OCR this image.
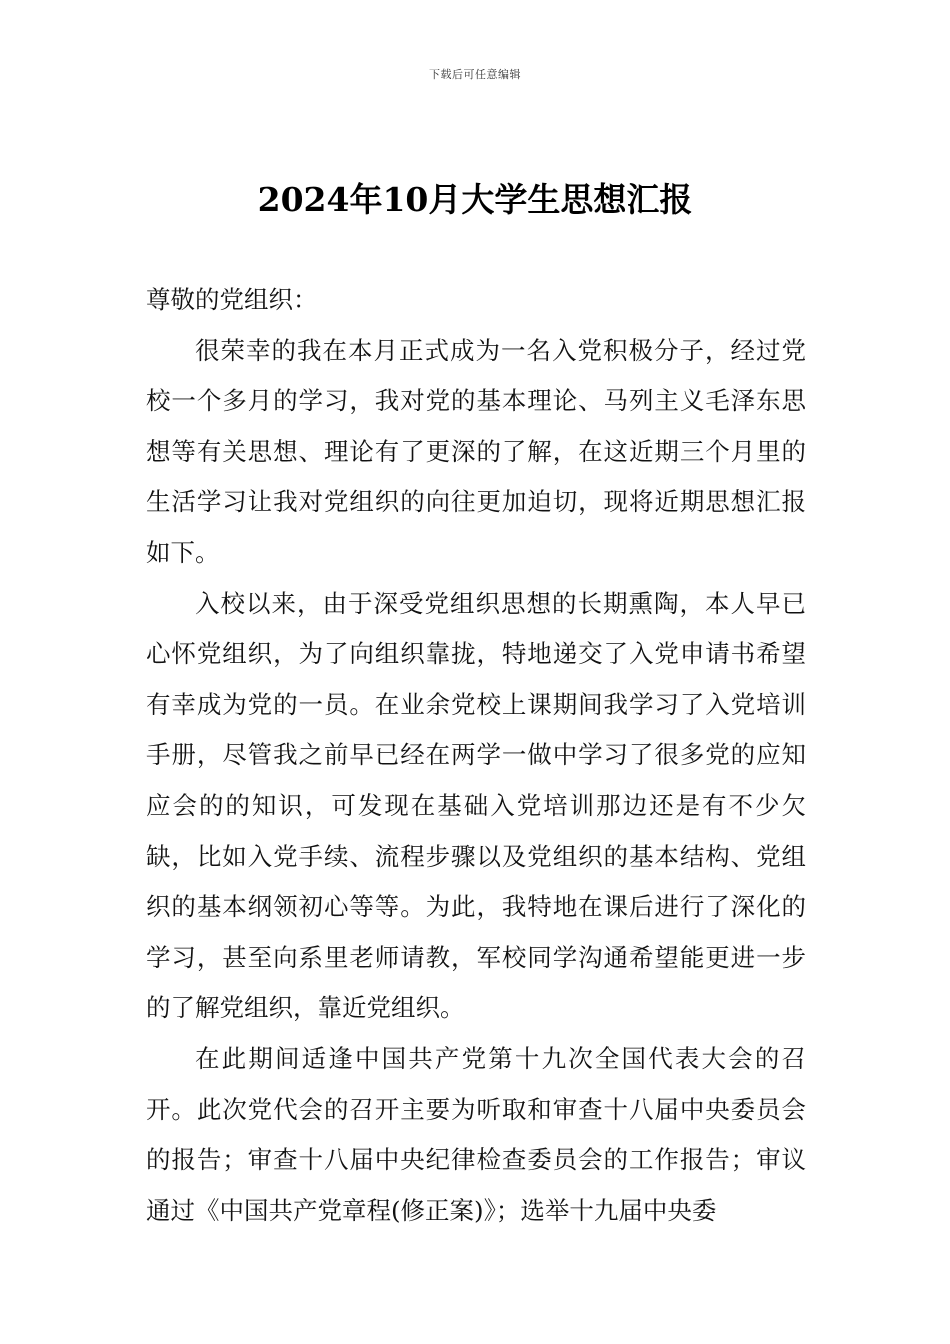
下载后可任意编辑
2024年10月大学生思想汇报

尊敬的党组织：

很荣幸的我在本月正式成为一名入党积极分子，经过党校一个多月的学习，我对党的基本理论、马列主义毛泽东思想等有关思想、理论有了更深的了解，在这近期三个月里的生活学习让我对党组织的向往更加迫切，现将近期思想汇报如下。

入校以来，由于深受党组织思想的长期熏陶，本人早已心怀党组织，为了向组织靠拢，特地递交了入党申请书希望有幸成为党的一员。在业余党校上课期间我学习了入党培训手册，尽管我之前早已经在两学一做中学习了很多党的应知应会的的知识，可发现在基础入党培训那边还是有不少欠缺，比如入党手续、流程步骤以及党组织的基本结构、党组织的基本纲领初心等等。为此，我特地在课后进行了深化的学习，甚至向系里老师请教，军校同学沟通希望能更进一步的了解党组织，靠近党组织。

在此期间适逢中国共产党第十九次全国代表大会的召开。此次党代会的召开主要为听取和审查十八届中央委员会的报告；审查十八届中央纪律检查委员会的工作报告；审议通过《中国共产党章程(修正案)》；选举十九届中央委
